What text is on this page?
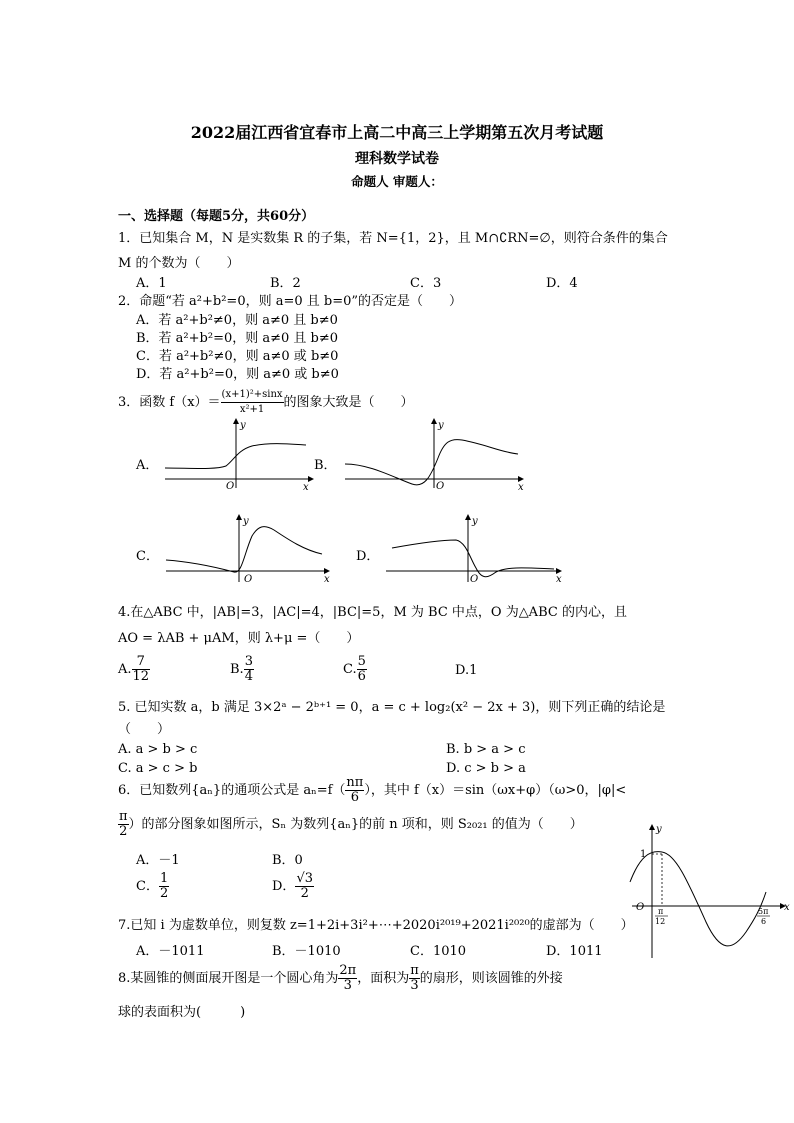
2022届江西省宜春市上高二中高三上学期第五次月考试题
理科数学试卷
命题人 审题人：
一、选择题（每题5分，共60分）
1．已知集合 M，N 是实数集 R 的子集，若 N={1，2}，且 M∩∁RN=∅，则符合条件的集合
M 的个数为（　　）
A．1	B．2	C．3	D．4
2．命题“若 a²+b²=0，则 a=0 且 b=0”的否定是（　　）
A．若 a²+b²≠0，则 a≠0 且 b≠0
B．若 a²+b²=0，则 a≠0 且 b≠0
C．若 a²+b²≠0，则 a≠0 或 b≠0
D．若 a²+b²=0，则 a≠0 或 b≠0
3．函数 $f(x)= \frac{\text{(x+1)²+sinx}}{\text{x²+1}}$ 的图象大致是（　　）
A．
y
x
O
B．
y
x
O
C．
y
x
O
D．
y
x
O
4.在△ABC 中，|AB|=3，|AC|=4，|BC|=5，M 为 BC 中点，O 为△ABC 的内心，且
AO = λAB + μAM，则 λ+μ =（　　）
A. $\frac{7}{12}$	B. $\frac{3}{4}$	C. $\frac{5}{6}$	D.1
5. 已知实数 a，b 满足 3×2ᵃ − 2ᵇ⁺¹ = 0，a = c + log₂(x² − 2x + 3)，则下列正确的结论是
（　　）
A. a > b > c	B. b > a > c
C. a > c > b	D. c > b > a
6．已知数列{aₙ}的通项公式是 $a_n=f( \frac{n\pi}{6}$ ），其中 f（x）＝sin（ωx+φ）（ω>0，|φ|<
$\frac{\pi}{2}$ ）的部分图象如图所示，Sₙ 为数列{aₙ}的前 n 项和，则 S₂₀₂₁ 的值为（　　）
A．－1	B．0
C． $\frac{1}{2}$	D． $\frac{√3}{2}$
y
x
O
1
π
12
5π
6
7.已知 i 为虚数单位，则复数 z=1+2i+3i²+⋯+2020i²⁰¹⁹+2021i²⁰²⁰的虚部为（　　）
A．－1011	B．－1010	C．1010	D．1011
8.某圆锥的侧面展开图是一个圆心角为 $\frac{2\pi}{3}$ ，面积为 $\frac{\pi}{3}$ 的扇形，则该圆锥的外接
球的表面积为(　　　)
